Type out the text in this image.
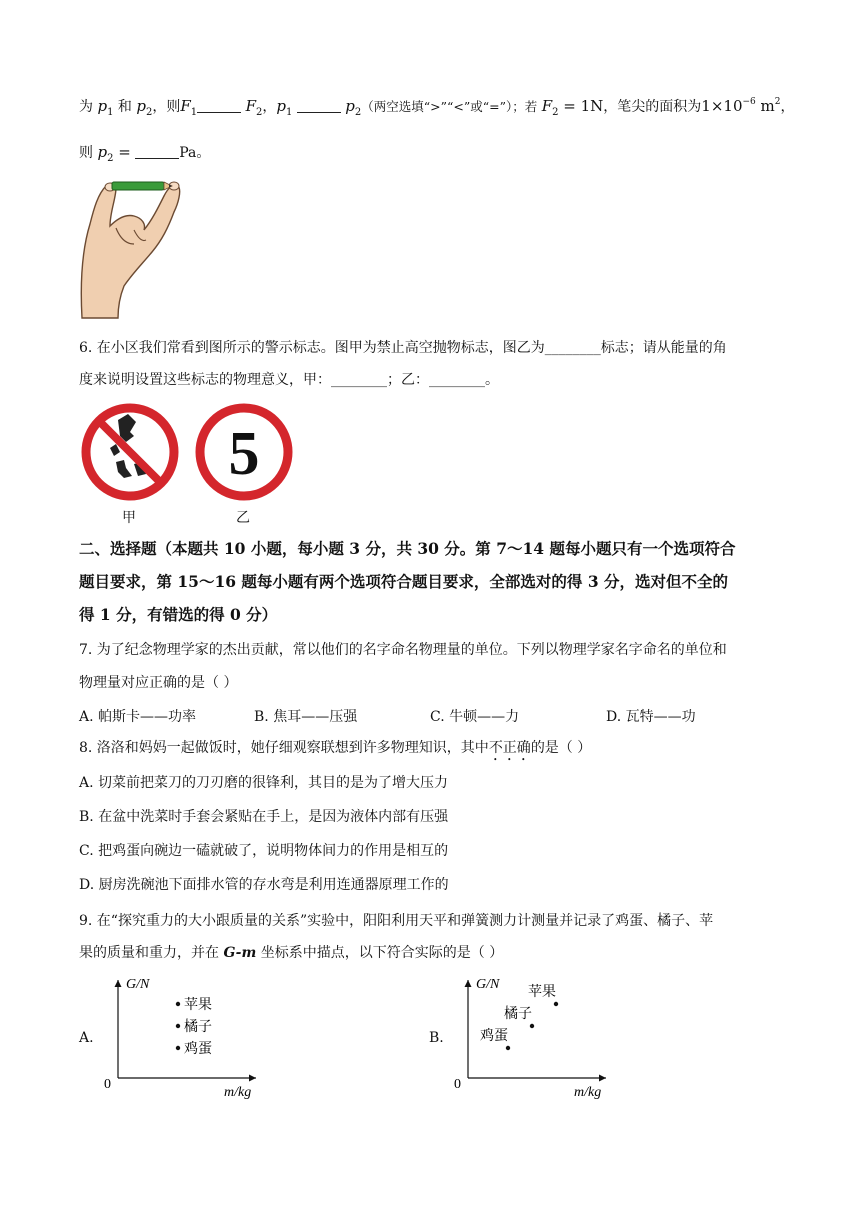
为 $p_1$ 和 $p_2$，则$F_1$	$F_2$，$p_1$	$p_2$（两空选填“>”“<”或“=”）；若 $F_2 = 1N$，笔尖的面积为$1\times 10^{-6}$ $m^2$，
则 $p_2$ =	Pa。
6. 在小区我们常看到图所示的警示标志。图甲为禁止高空抛物标志，图乙为________标志；请从能量的角
度来说明设置这些标志的物理意义，甲：________；乙：________。
5
甲	乙
二、选择题（本题共 10 小题，每小题 3 分，共 30 分。第 7～14 题每小题只有一个选项符合
题目要求，第 15～16 题每小题有两个选项符合题目要求，全部选对的得 3 分，选对但不全的
得 1 分，有错选的得 0 分）
7. 为了纪念物理学家的杰出贡献，常以他们的名字命名物理量的单位。下列以物理学家名字命名的单位和
物理量对应正确的是（ ）
A. 帕斯卡——功率	B. 焦耳——压强	C. 牛顿——力	D. 瓦特——功
8. 洛洛和妈妈一起做饭时，她仔细观察联想到许多物理知识，其中不正确的是（ ）
A. 切菜前把菜刀的刀刃磨的很锋利，其目的是为了增大压力
B. 在盆中洗菜时手套会紧贴在手上，是因为液体内部有压强
C. 把鸡蛋向碗边一磕就破了，说明物体间力的作用是相互的
D. 厨房洗碗池下面排水管的存水弯是利用连通器原理工作的
9. 在“探究重力的大小跟质量的关系”实验中，阳阳利用天平和弹簧测力计测量并记录了鸡蛋、橘子、苹
果的质量和重力，并在 G-m 坐标系中描点，以下符合实际的是（ ）
A.	B.
G/N
m/kg
0
苹果
橘子
鸡蛋
G/N
m/kg
0
鸡蛋
橘子
苹果
